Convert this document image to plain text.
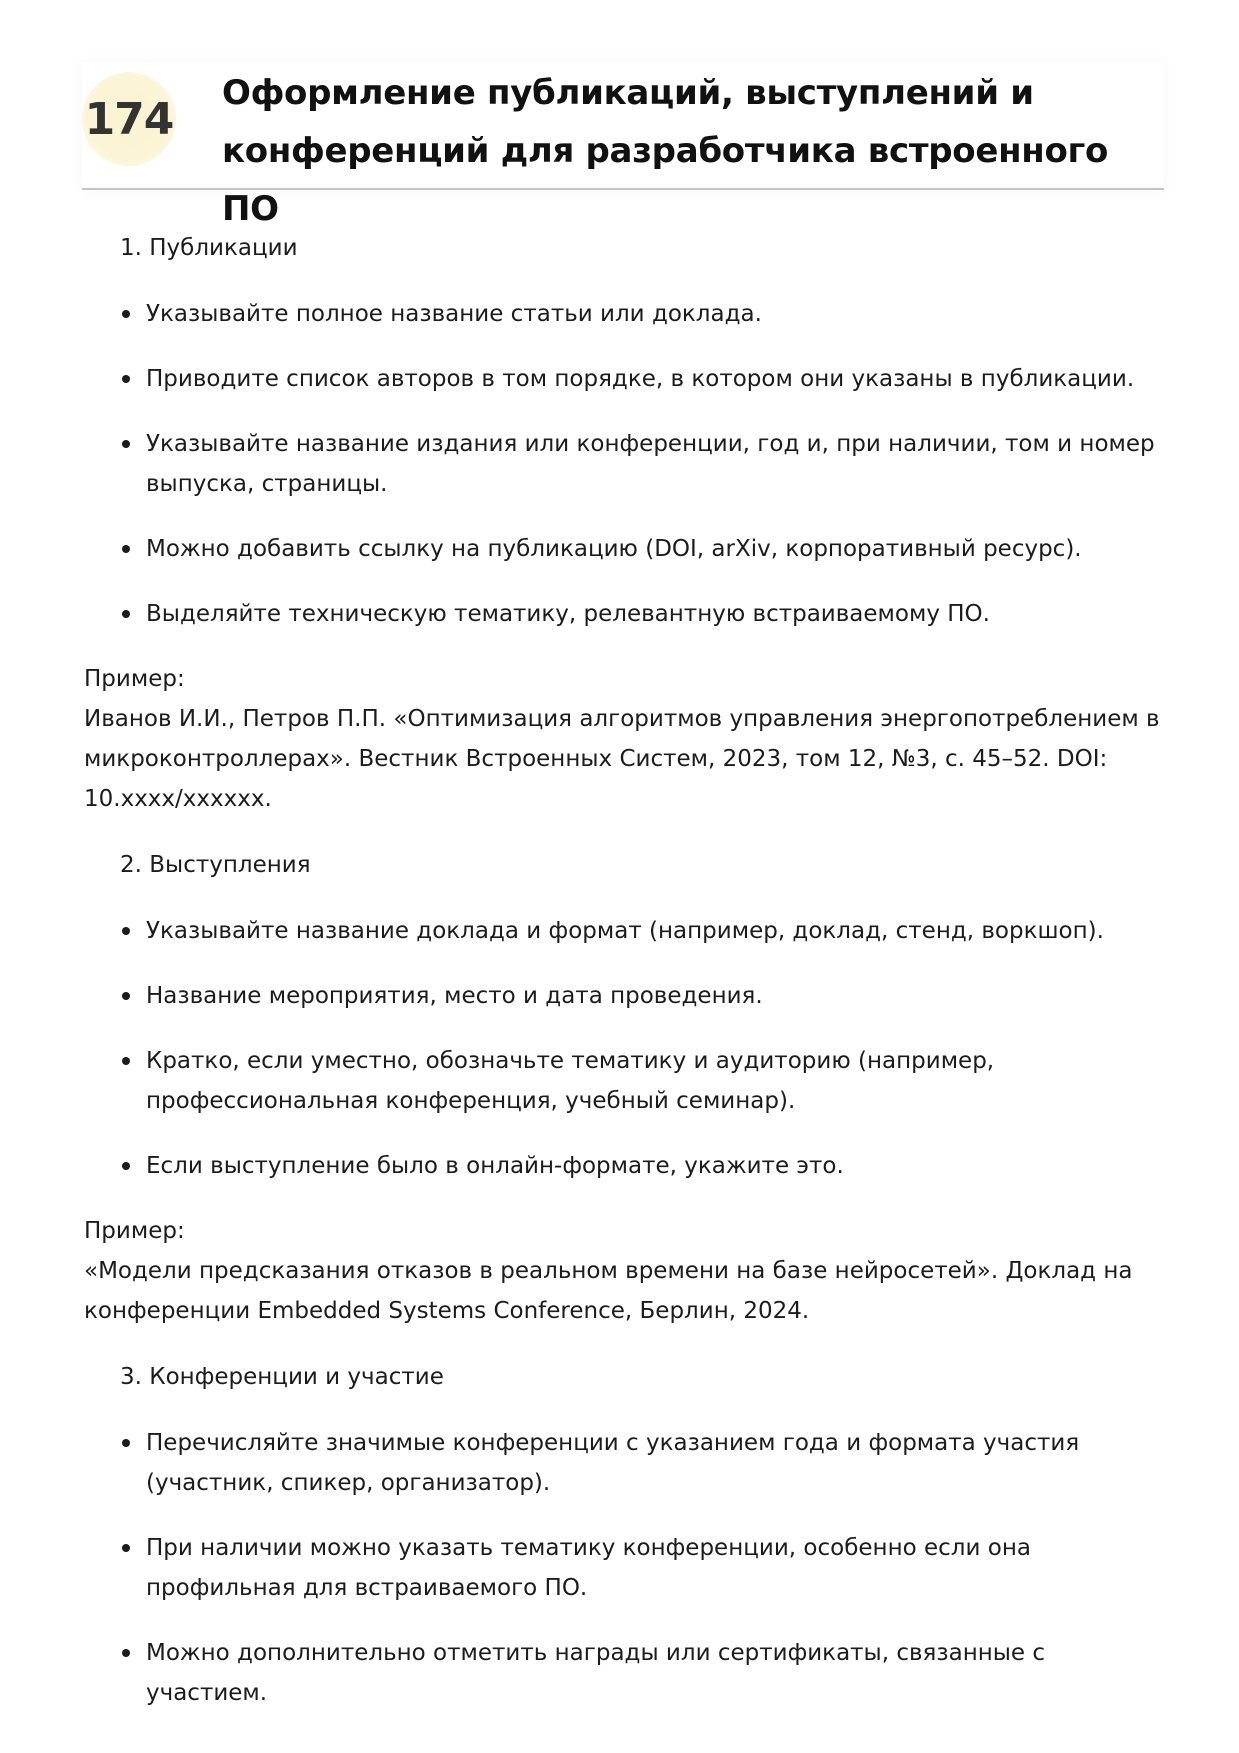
174
Оформление публикаций, выступлений и конференций для разработчика встроенного ПО
1. Публикации
Указывайте полное название статьи или доклада.
Приводите список авторов в том порядке, в котором они указаны в публикации.
Указывайте название издания или конференции, год и, при наличии, том и номер выпуска, страницы.
Можно добавить ссылку на публикацию (DOI, arXiv, корпоративный ресурс).
Выделяйте техническую тематику, релевантную встраиваемому ПО.
Пример:
Иванов И.И., Петров П.П. «Оптимизация алгоритмов управления энергопотреблением в микроконтроллерах». Вестник Встроенных Систем, 2023, том 12, №3, с. 45–52. DOI: 10.xxxx/xxxxxx.
2. Выступления
Указывайте название доклада и формат (например, доклад, стенд, воркшоп).
Название мероприятия, место и дата проведения.
Кратко, если уместно, обозначьте тематику и аудиторию (например, профессиональная конференция, учебный семинар).
Если выступление было в онлайн-формате, укажите это.
Пример:
«Модели предсказания отказов в реальном времени на базе нейросетей». Доклад на конференции Embedded Systems Conference, Берлин, 2024.
3. Конференции и участие
Перечисляйте значимые конференции с указанием года и формата участия (участник, спикер, организатор).
При наличии можно указать тематику конференции, особенно если она профильная для встраиваемого ПО.
Можно дополнительно отметить награды или сертификаты, связанные с участием.
